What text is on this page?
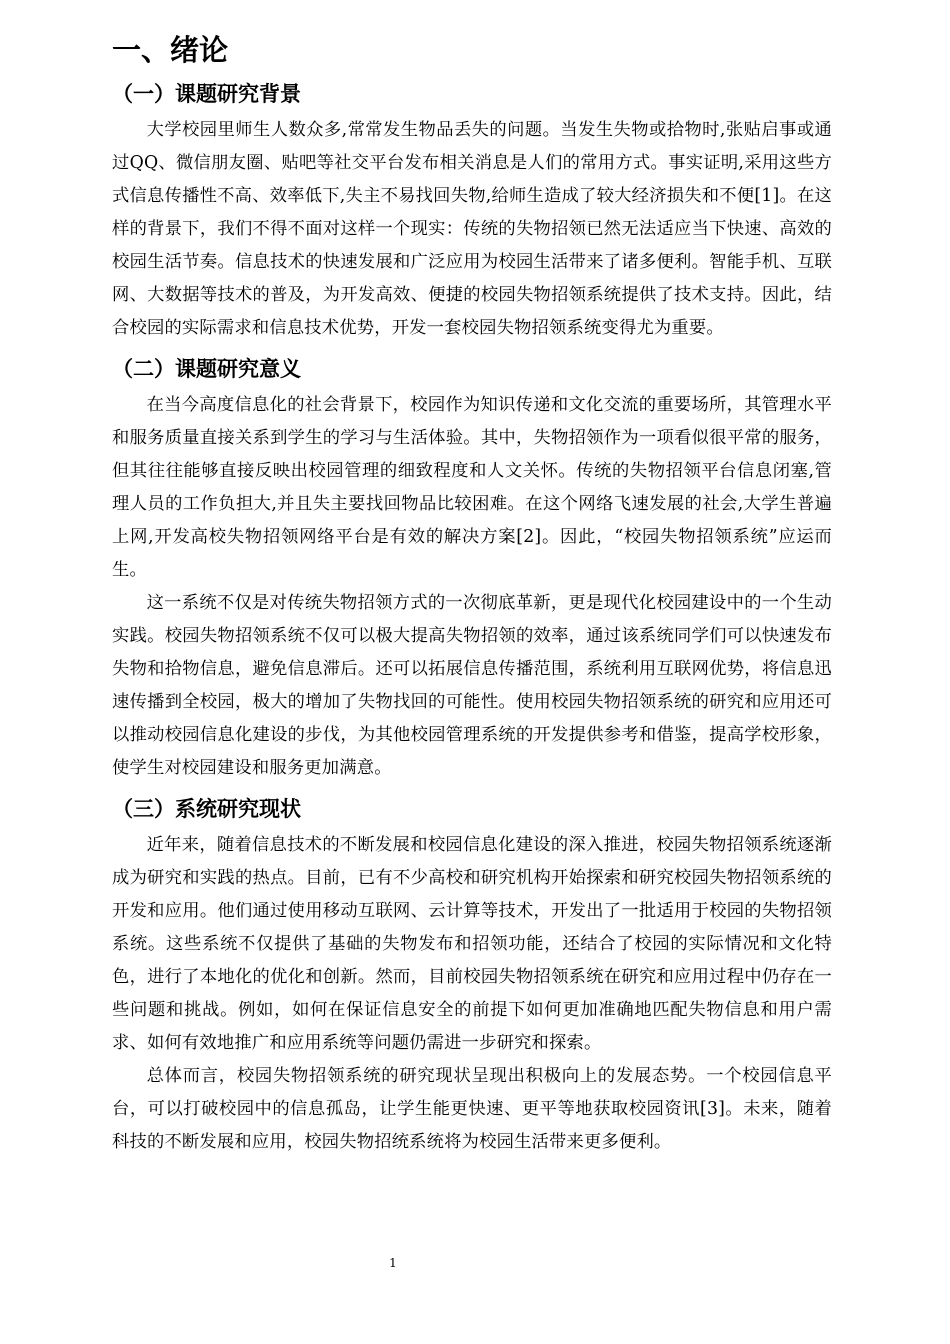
一、绪论
（一）课题研究背景

大学校园里师生人数众多,常常发生物品丢失的问题。当发生失物或拾物时,张贴启事或通过QQ、微信朋友圈、贴吧等社交平台发布相关消息是人们的常用方式。事实证明,采用这些方式信息传播性不高、效率低下,失主不易找回失物,给师生造成了较大经济损失和不便[1]。在这样的背景下，我们不得不面对这样一个现实：传统的失物招领已然无法适应当下快速、高效的校园生活节奏。信息技术的快速发展和广泛应用为校园生活带来了诸多便利。智能手机、互联网、大数据等技术的普及，为开发高效、便捷的校园失物招领系统提供了技术支持。因此，结合校园的实际需求和信息技术优势，开发一套校园失物招领系统变得尤为重要。

（二）课题研究意义

在当今高度信息化的社会背景下，校园作为知识传递和文化交流的重要场所，其管理水平和服务质量直接关系到学生的学习与生活体验。其中，失物招领作为一项看似很平常的服务，但其往往能够直接反映出校园管理的细致程度和人文关怀。传统的失物招领平台信息闭塞,管理人员的工作负担大,并且失主要找回物品比较困难。在这个网络飞速发展的社会,大学生普遍上网,开发高校失物招领网络平台是有效的解决方案[2]。因此，“校园失物招领系统”应运而生。

这一系统不仅是对传统失物招领方式的一次彻底革新，更是现代化校园建设中的一个生动实践。校园失物招领系统不仅可以极大提高失物招领的效率，通过该系统同学们可以快速发布失物和拾物信息，避免信息滞后。还可以拓展信息传播范围，系统利用互联网优势，将信息迅速传播到全校园，极大的增加了失物找回的可能性。使用校园失物招领系统的研究和应用还可以推动校园信息化建设的步伐，为其他校园管理系统的开发提供参考和借鉴，提高学校形象，使学生对校园建设和服务更加满意。

（三）系统研究现状

近年来，随着信息技术的不断发展和校园信息化建设的深入推进，校园失物招领系统逐渐成为研究和实践的热点。目前，已有不少高校和研究机构开始探索和研究校园失物招领系统的开发和应用。他们通过使用移动互联网、云计算等技术，开发出了一批适用于校园的失物招领系统。这些系统不仅提供了基础的失物发布和招领功能，还结合了校园的实际情况和文化特色，进行了本地化的优化和创新。然而，目前校园失物招领系统在研究和应用过程中仍存在一些问题和挑战。例如，如何在保证信息安全的前提下如何更加准确地匹配失物信息和用户需求、如何有效地推广和应用系统等问题仍需进一步研究和探索。

总体而言，校园失物招领系统的研究现状呈现出积极向上的发展态势。一个校园信息平台，可以打破校园中的信息孤岛，让学生能更快速、更平等地获取校园资讯[3]。未来，随着科技的不断发展和应用，校园失物招统系统将为校园生活带来更多便利。

1
